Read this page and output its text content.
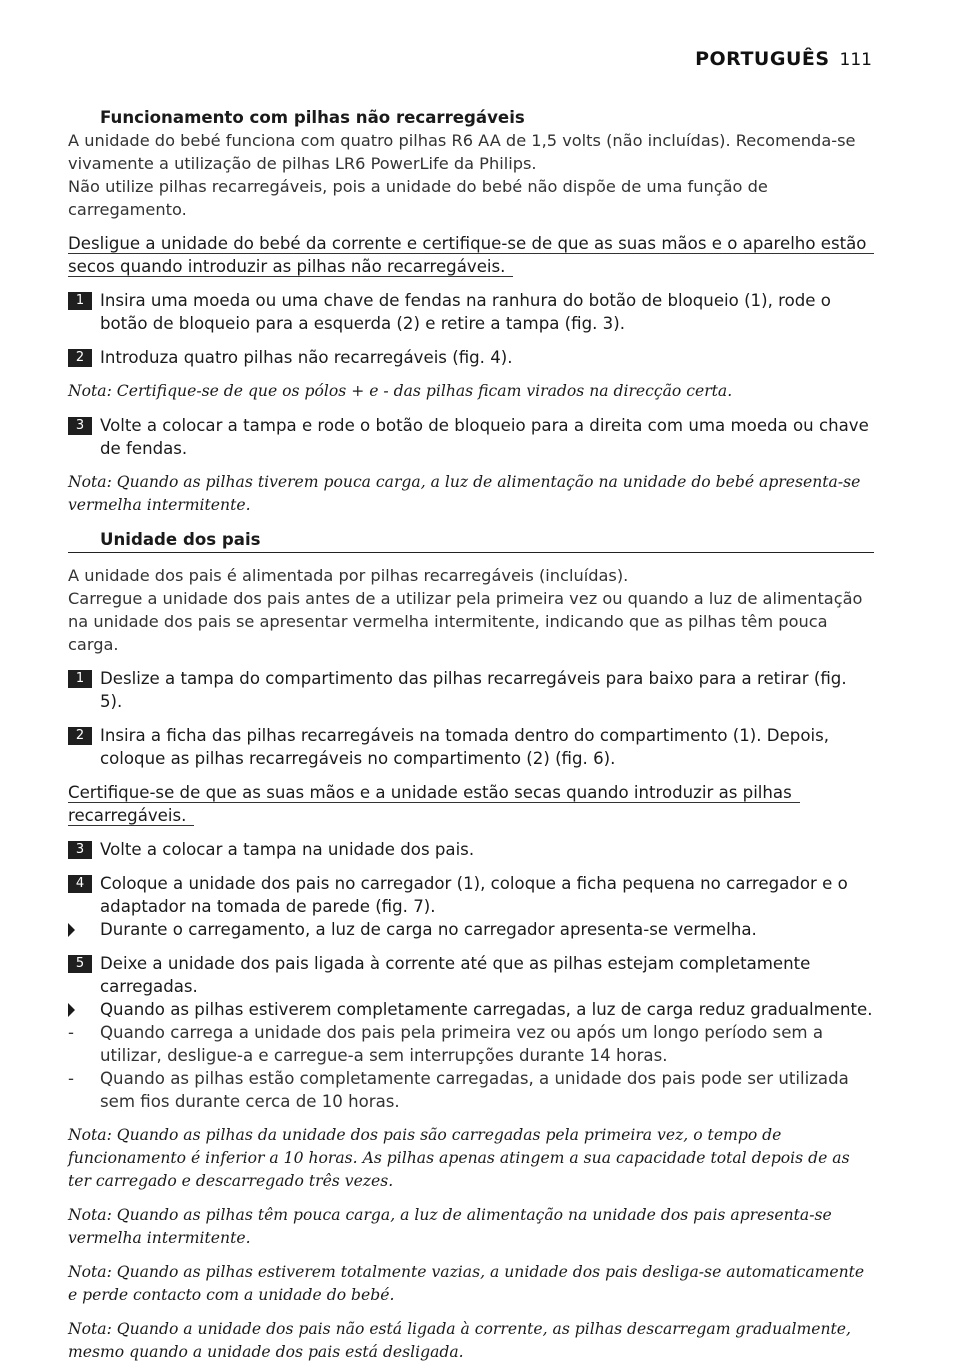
PORTUGUÊS 111

Funcionamento com pilhas não recarregáveis

A unidade do bebé funciona com quatro pilhas R6 AA de 1,5 volts (não incluídas). Recomenda-se vivamente a utilização de pilhas LR6 PowerLife da Philips.

Não utilize pilhas recarregáveis, pois a unidade do bebé não dispõe de uma função de carregamento.

Desligue a unidade do bebé da corrente e certifique-se de que as suas mãos e o aparelho estão secos quando introduzir as pilhas não recarregáveis.

1 Insira uma moeda ou uma chave de fendas na ranhura do botão de bloqueio (1), rode o botão de bloqueio para a esquerda (2) e retire a tampa (fig. 3).
2 Introduza quatro pilhas não recarregáveis (fig. 4).

Nota: Certifique-se de que os pólos + e - das pilhas ficam virados na direcção certa.

3 Volte a colocar a tampa e rode o botão de bloqueio para a direita com uma moeda ou chave de fendas.

Nota: Quando as pilhas tiverem pouca carga, a luz de alimentação na unidade do bebé apresenta-se vermelha intermitente.

Unidade dos pais

A unidade dos pais é alimentada por pilhas recarregáveis (incluídas).

Carregue a unidade dos pais antes de a utilizar pela primeira vez ou quando a luz de alimentação na unidade dos pais se apresentar vermelha intermitente, indicando que as pilhas têm pouca carga.

1 Deslize a tampa do compartimento das pilhas recarregáveis para baixo para a retirar (fig. 5).
2 Insira a ficha das pilhas recarregáveis na tomada dentro do compartimento (1). Depois, coloque as pilhas recarregáveis no compartimento (2) (fig. 6).

Certifique-se de que as suas mãos e a unidade estão secas quando introduzir as pilhas recarregáveis.

3 Volte a colocar a tampa na unidade dos pais.
4 Coloque a unidade dos pais no carregador (1), coloque a ficha pequena no carregador e o adaptador na tomada de parede (fig. 7).
Durante o carregamento, a luz de carga no carregador apresenta-se vermelha.
5 Deixe a unidade dos pais ligada à corrente até que as pilhas estejam completamente carregadas.
Quando as pilhas estiverem completamente carregadas, a luz de carga reduz gradualmente.
- Quando carrega a unidade dos pais pela primeira vez ou após um longo período sem a utilizar, desligue-a e carregue-a sem interrupções durante 14 horas.
- Quando as pilhas estão completamente carregadas, a unidade dos pais pode ser utilizada sem fios durante cerca de 10 horas.

Nota: Quando as pilhas da unidade dos pais são carregadas pela primeira vez, o tempo de funcionamento é inferior a 10 horas. As pilhas apenas atingem a sua capacidade total depois de as ter carregado e descarregado três vezes.

Nota: Quando as pilhas têm pouca carga, a luz de alimentação na unidade dos pais apresenta-se vermelha intermitente.

Nota: Quando as pilhas estiverem totalmente vazias, a unidade dos pais desliga-se automaticamente e perde contacto com a unidade do bebé.

Nota: Quando a unidade dos pais não está ligada à corrente, as pilhas descarregam gradualmente, mesmo quando a unidade dos pais está desligada.
